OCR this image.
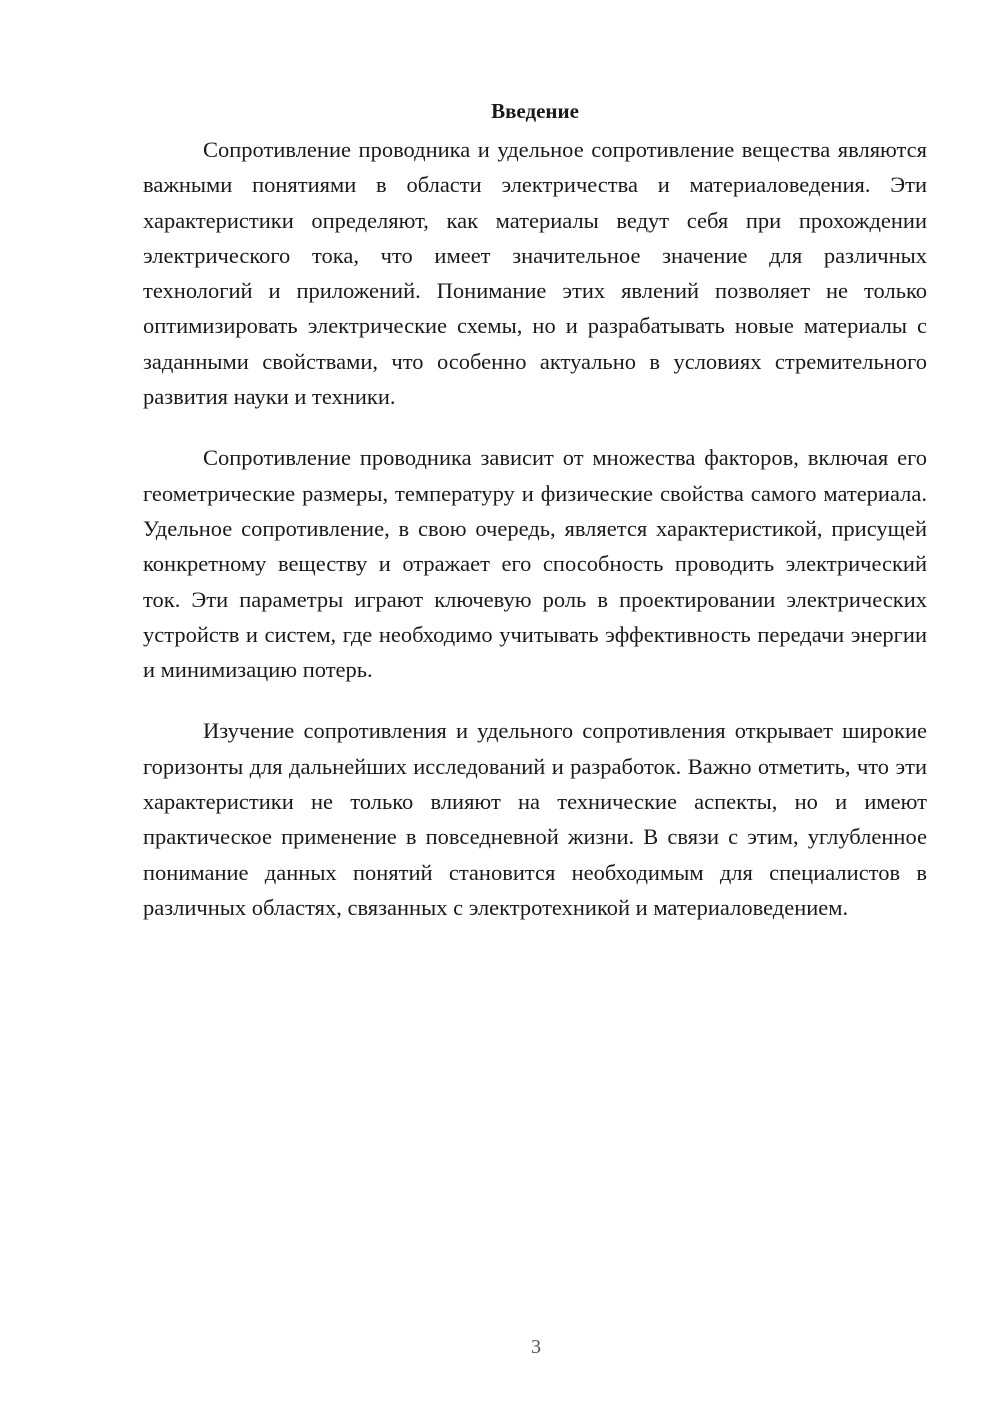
Введение

Сопротивление проводника и удельное сопротивление вещества являются важными понятиями в области электричества и материаловедения. Эти характеристики определяют, как материалы ведут себя при прохождении электрического тока, что имеет значительное значение для различных технологий и приложений. Понимание этих явлений позволяет не только оптимизировать электрические схемы, но и разрабатывать новые материалы с заданными свойствами, что особенно актуально в условиях стремительного развития науки и техники.

Сопротивление проводника зависит от множества факторов, включая его геометрические размеры, температуру и физические свойства самого материала. Удельное сопротивление, в свою очередь, является характеристикой, присущей конкретному веществу и отражает его способность проводить электрический ток. Эти параметры играют ключевую роль в проектировании электрических устройств и систем, где необходимо учитывать эффективность передачи энергии и минимизацию потерь.

Изучение сопротивления и удельного сопротивления открывает широкие горизонты для дальнейших исследований и разработок. Важно отметить, что эти характеристики не только влияют на технические аспекты, но и имеют практическое применение в повседневной жизни. В связи с этим, углубленное понимание данных понятий становится необходимым для специалистов в различных областях, связанных с электротехникой и материаловедением.

3
